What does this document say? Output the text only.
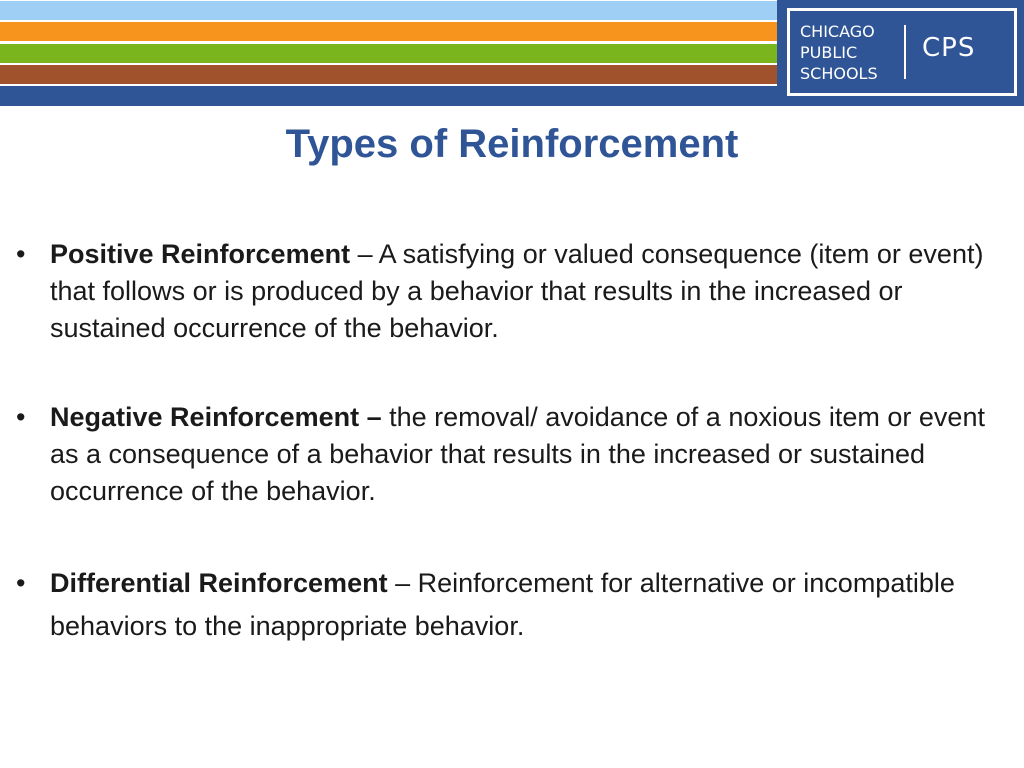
CHICAGO
PUBLIC
SCHOOLS
CPS
Types of Reinforcement
• Positive Reinforcement – A satisfying or valued consequence (item or event) that follows or is produced by a behavior that results in the increased or sustained occurrence of the behavior.
• Negative Reinforcement – the removal/ avoidance of a noxious item or event as a consequence of a behavior that results in the increased or sustained occurrence of the behavior.
• Differential Reinforcement – Reinforcement for alternative or incompatible behaviors to the inappropriate behavior.
